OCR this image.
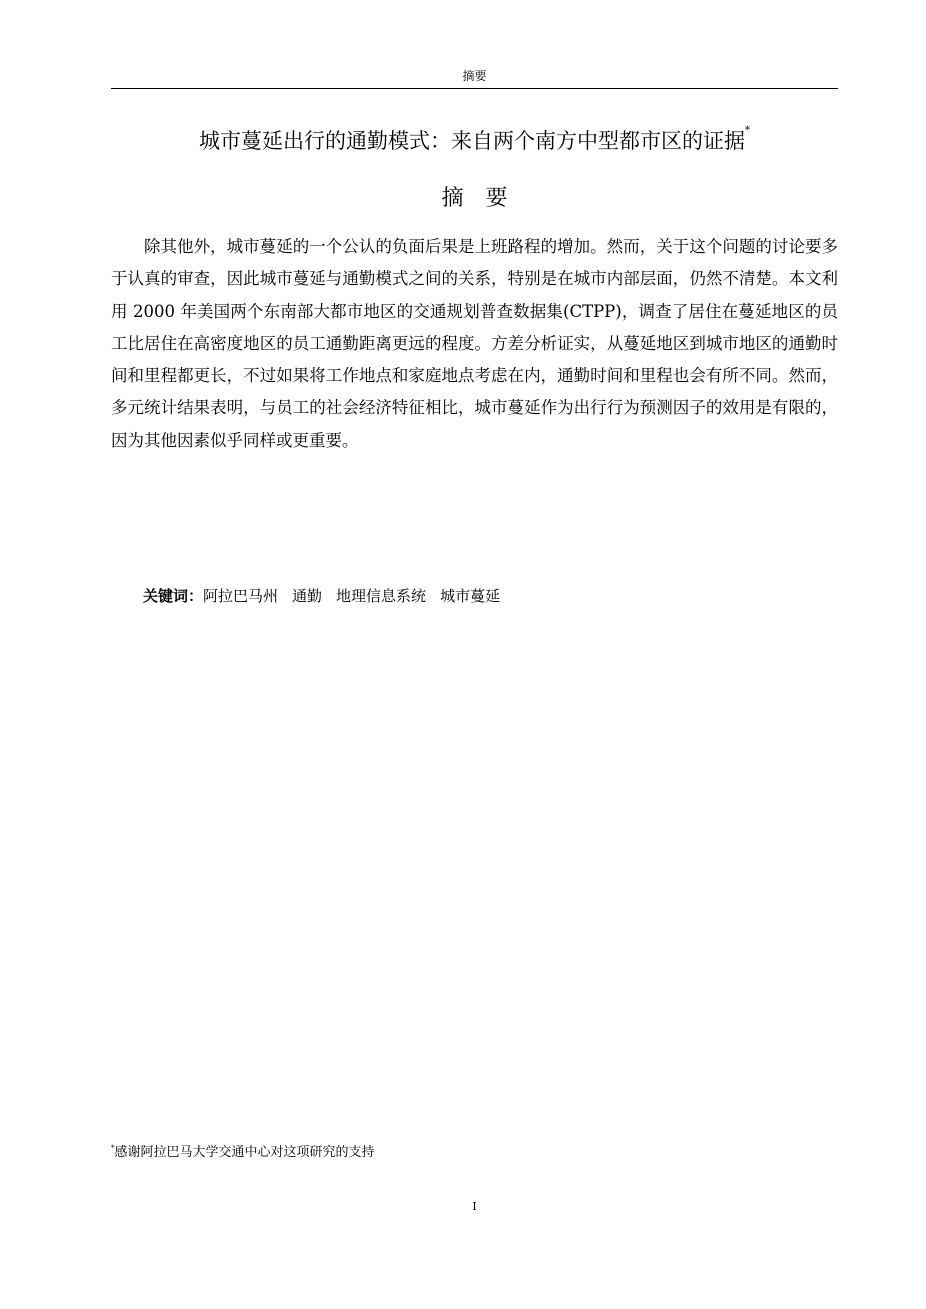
摘要
城市蔓延出行的通勤模式：来自两个南方中型都市区的证据*
摘 要

除其他外，城市蔓延的一个公认的负面后果是上班路程的增加。然而，关于这个问题的讨论要多于认真的审查，因此城市蔓延与通勤模式之间的关系，特别是在城市内部层面，仍然不清楚。本文利用 2000 年美国两个东南部大都市地区的交通规划普查数据集(CTPP)，调查了居住在蔓延地区的员工比居住在高密度地区的员工通勤距离更远的程度。方差分析证实，从蔓延地区到城市地区的通勤时间和里程都更长，不过如果将工作地点和家庭地点考虑在内，通勤时间和里程也会有所不同。然而，多元统计结果表明，与员工的社会经济特征相比，城市蔓延作为出行行为预测因子的效用是有限的，因为其他因素似乎同样或更重要。

关键词：阿拉巴马州 通勤 地理信息系统 城市蔓延
*感谢阿拉巴马大学交通中心对这项研究的支持
I
